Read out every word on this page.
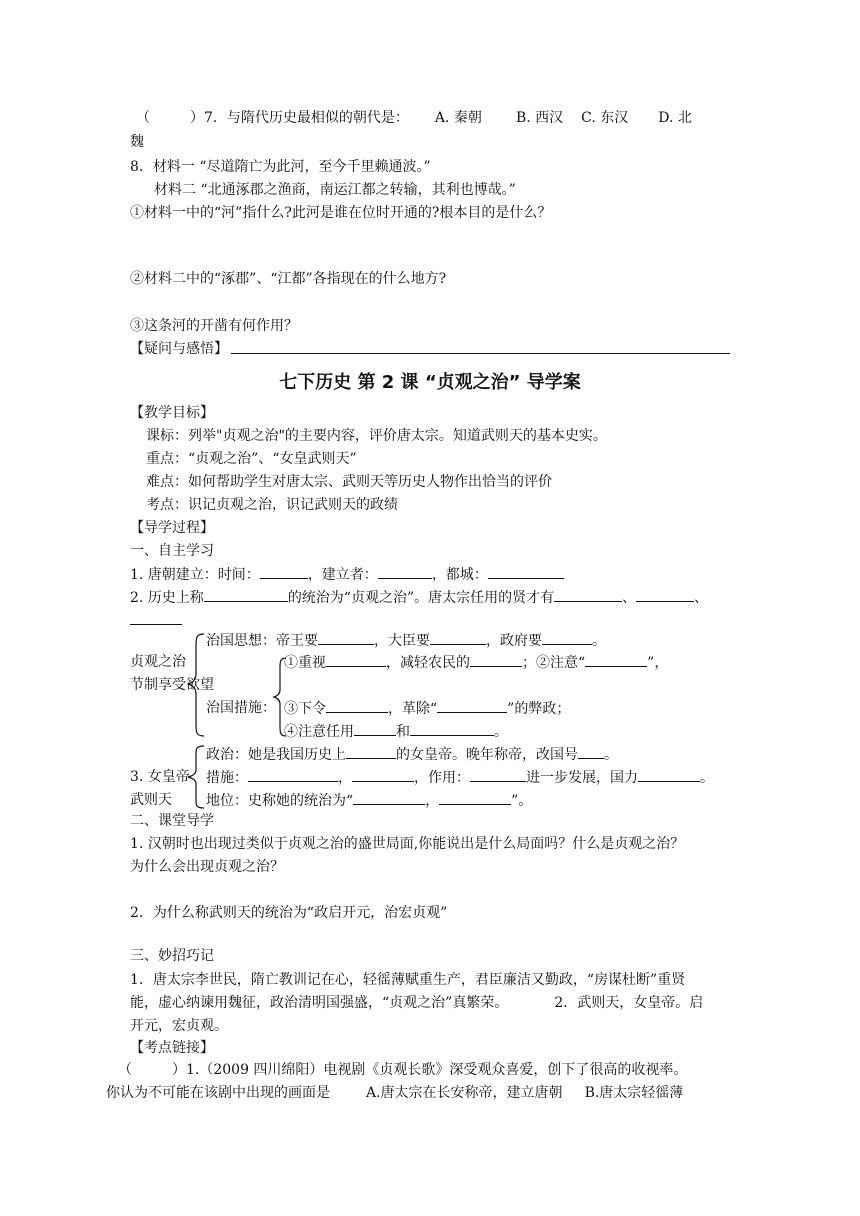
（	）7．与隋代历史最相似的朝代是： A. 秦朝 B. 西汉 C. 东汉 D. 北
魏
8．材料一 “尽道隋亡为此河，至今千里赖通波。”
材料二 “北通涿郡之渔商，南运江都之转输，其利也博哉。”
①材料一中的“河”指什么?此河是谁在位时开通的?根本目的是什么？
②材料二中的“涿郡”、“江都”各指现在的什么地方?
③这条河的开凿有何作用？
【疑问与感悟】
七下历史 第 2 课 “贞观之治” 导学案
【教学目标】
课标：列举"贞观之治"的主要内容，评价唐太宗。知道武则天的基本史实。
重点：“贞观之治”、“女皇武则天”
难点：如何帮助学生对唐太宗、武则天等历史人物作出恰当的评价
考点：识记贞观之治，识记武则天的政绩
【导学过程】
一、自主学习
1. 唐朝建立：时间：	，建立者：	，都城：
2. 历史上称	的统治为“贞观之治”。唐太宗任用的贤才有	、	、
贞观之治
节制享受欲望
治国思想：帝王要	，大臣要	，政府要	。
①重视	，减轻农民的	；②注意“	”，
治国措施： ③下令	，革除“	”的弊政；
④注意任用	和	。
3. 女皇帝
武则天
政治：她是我国历史上	的女皇帝。晚年称帝，改国号 。
措施：	，	，作用：	进一步发展，国力	。
地位：史称她的统治为“	，	”。
二、课堂导学
1. 汉朝时也出现过类似于贞观之治的盛世局面,你能说出是什么局面吗？什么是贞观之治？
为什么会出现贞观之治？
2．为什么称武则天的统治为“政启开元，治宏贞观”
三、妙招巧记
1．唐太宗李世民，隋亡教训记在心，轻徭薄赋重生产，君臣廉洁又勤政，“房谋杜断”重贤
能，虚心纳谏用魏征，政治清明国强盛，“贞观之治”真繁荣。	2．武则天，女皇帝。启
开元，宏贞观。
【考点链接】
（	）1.（2009 四川绵阳）电视剧《贞观长歌》深受观众喜爱，创下了很高的收视率。
你认为不可能在该剧中出现的画面是	A.唐太宗在长安称帝，建立唐朝 B.唐太宗轻徭薄
